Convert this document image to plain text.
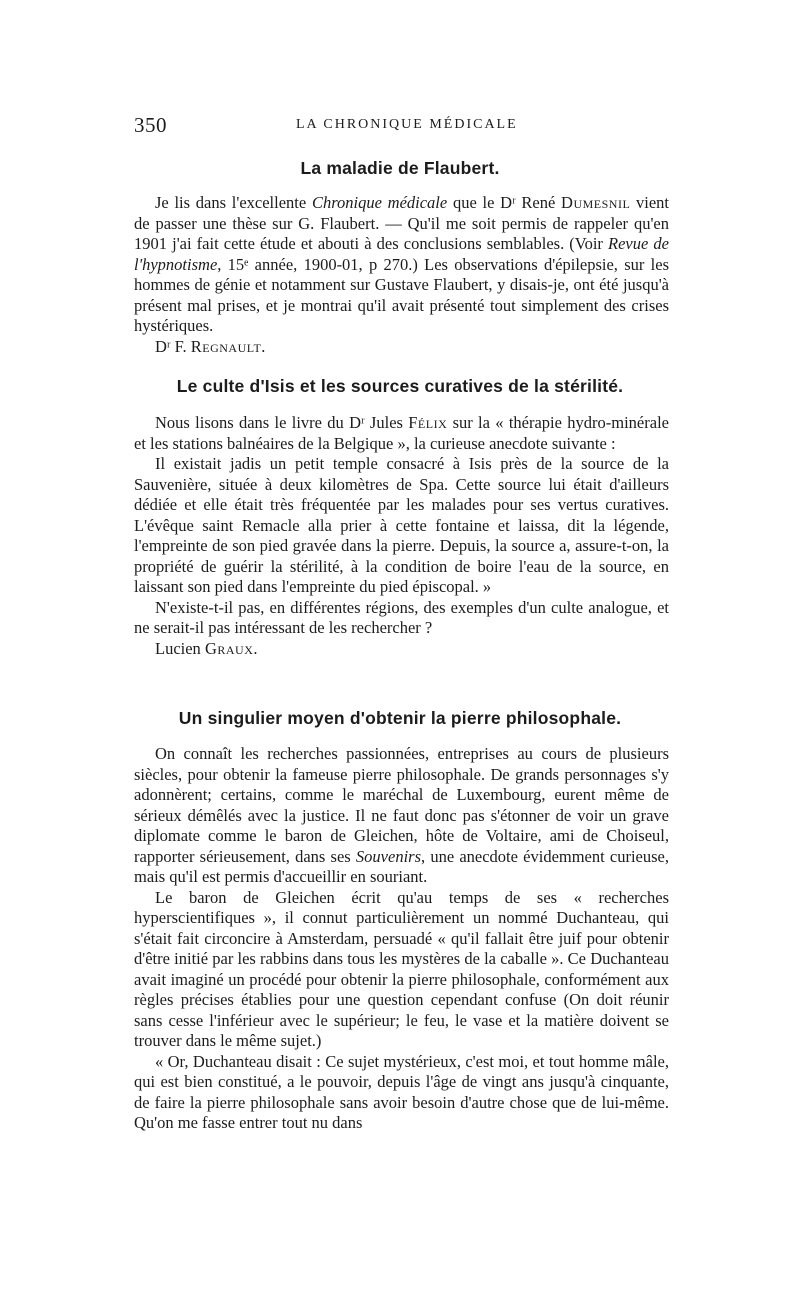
350	LA CHRONIQUE MÉDICALE
La maladie de Flaubert.

Je lis dans l'excellente Chronique médicale que le Dʳ René Dumesnil vient de passer une thèse sur G. Flaubert. — Qu'il me soit permis de rappeler qu'en 1901 j'ai fait cette étude et abouti à des conclusions semblables. (Voir Revue de l'hypnotisme, 15ᵉ année, 1900-01, p 270.) Les observations d'épilepsie, sur les hommes de génie et notamment sur Gustave Flaubert, y disais-je, ont été jusqu'à présent mal prises, et je montrai qu'il avait présenté tout simplement des crises hystériques.

Dʳ F. Regnault.

Le culte d'Isis et les sources curatives de la stérilité.

Nous lisons dans le livre du Dʳ Jules Félix sur la « thérapie hydro-minérale et les stations balnéaires de la Belgique », la curieuse anecdote suivante :

Il existait jadis un petit temple consacré à Isis près de la source de la Sauvenière, située à deux kilomètres de Spa. Cette source lui était d'ailleurs dédiée et elle était très fréquentée par les malades pour ses vertus curatives. L'évêque saint Remacle alla prier à cette fontaine et laissa, dit la légende, l'empreinte de son pied gravée dans la pierre. Depuis, la source a, assure-t-on, la propriété de guérir la stérilité, à la condition de boire l'eau de la source, en laissant son pied dans l'empreinte du pied épiscopal. »

N'existe-t-il pas, en différentes régions, des exemples d'un culte analogue, et ne serait-il pas intéressant de les rechercher ?

Lucien Graux.

Un singulier moyen d'obtenir la pierre philosophale.

On connaît les recherches passionnées, entreprises au cours de plusieurs siècles, pour obtenir la fameuse pierre philosophale. De grands personnages s'y adonnèrent; certains, comme le maréchal de Luxembourg, eurent même de sérieux démêlés avec la justice. Il ne faut donc pas s'étonner de voir un grave diplomate comme le baron de Gleichen, hôte de Voltaire, ami de Choiseul, rapporter sérieusement, dans ses Souvenirs, une anecdote évidemment curieuse, mais qu'il est permis d'accueillir en souriant.

Le baron de Gleichen écrit qu'au temps de ses « recherches hyperscientifiques », il connut particulièrement un nommé Duchanteau, qui s'était fait circoncire à Amsterdam, persuadé « qu'il fallait être juif pour obtenir d'être initié par les rabbins dans tous les mystères de la caballe ». Ce Duchanteau avait imaginé un procédé pour obtenir la pierre philosophale, conformément aux règles précises établies pour une question cependant confuse (On doit réunir sans cesse l'inférieur avec le supérieur; le feu, le vase et la matière doivent se trouver dans le même sujet.)

« Or, Duchanteau disait : Ce sujet mystérieux, c'est moi, et tout homme mâle, qui est bien constitué, a le pouvoir, depuis l'âge de vingt ans jusqu'à cinquante, de faire la pierre philosophale sans avoir besoin d'autre chose que de lui-même. Qu'on me fasse entrer tout nu dans
